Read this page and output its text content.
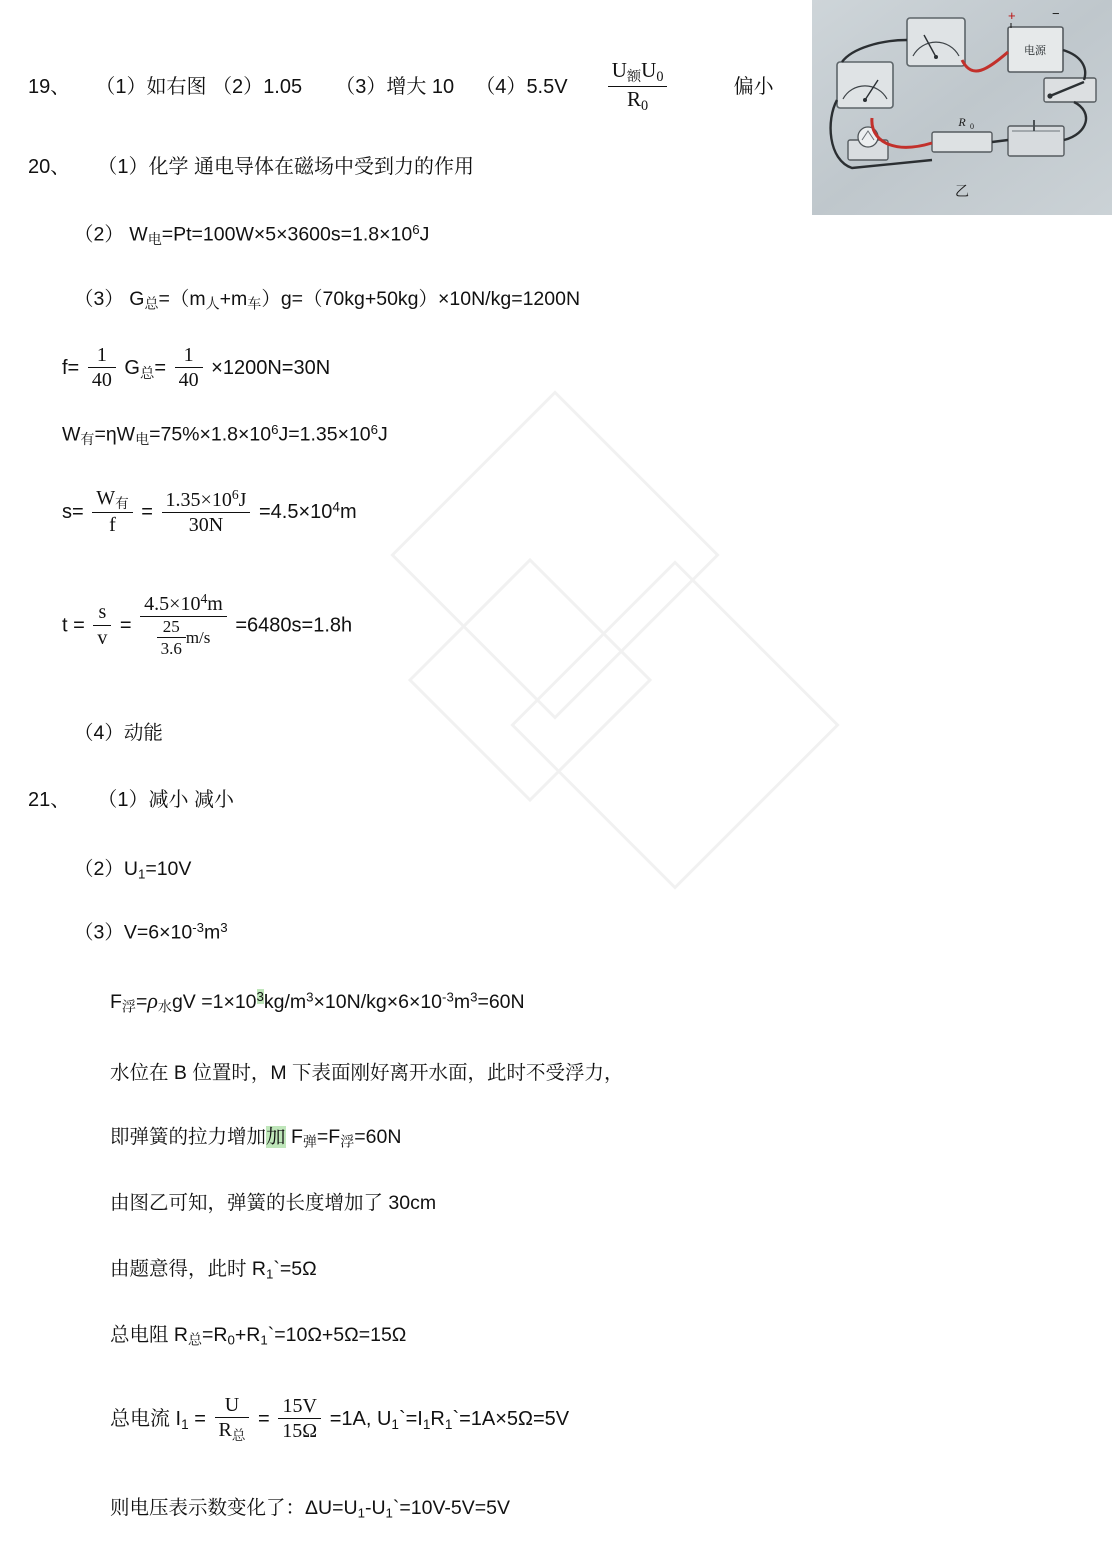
电源
+	−
R 0
乙
19、 （1）如右图 （2）1.05 （3）增大 10 $(4)5.5V \frac{U_额U_0}{R_0}$	偏小
20、 （1）化学 通电导体在磁场中受到力的作用
（2） $W_电=Pt=100W\times 5\times 3600s=1.8\times 10^6J$
（3） $G_总=(m_人+m_车)g=(70kg+50kg)\times 10N/kg=1200N$
$f= \frac{1}{40} G_总= \frac{1}{40} \times 1200N=30N$
$W_有=\eta W_电=75\%\times 1.8\times 10^6J=1.35\times 10^6J$
$s= \frac{W_有}{f} = \frac{1.35\times 10^6J}{30N} =4.5\times 10^4m$
$t = \frac{s}{v} = \frac{4.5\times 10^4m}{\frac{25}{3.6} m/s} =6480s=1.8h$
（4）动能
21、 （1）减小 减小
$(2)U_1=10V$
$(3)V=6\times 10^{-3}m^3$
$F_浮=\rho_水gV =1\times 10^3kg/m^3\times 10N/kg\times 6\times 10^{-3}m^3=60N$
水位在 B 位置时，M 下表面刚好离开水面，此时不受浮力，
即弹簧的拉力增加加 $F_弹=F_浮=60N$
由图乙可知，弹簧的长度增加了 30cm
由题意得，此时 $R_1`=5\Omega$
总电阻 $R_总=R_0+R_1`=10\Omega+5\Omega=15\Omega$
总电流 $I_1 = \frac{U}{R_总} = \frac{15V}{15\Omega} =1A$, $U_1`=I_1R_1`=1A\times 5\Omega=5V$
则电压表示数变化了：$\Delta U=U_1-U_1`=10V-5V=5V$
